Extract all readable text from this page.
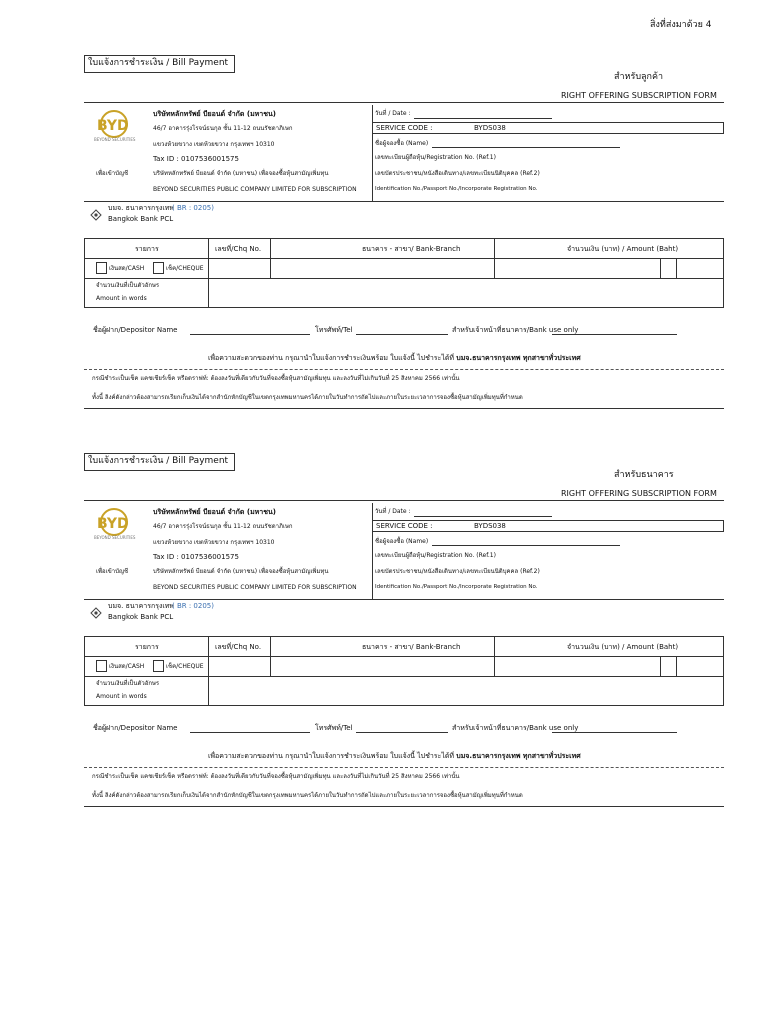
สิ่งที่ส่งมาด้วย 4
ใบแจ้งการชำระเงิน / Bill Payment
สำหรับลูกค้า
RIGHT OFFERING SUBSCRIPTION FORM
BYD
BEYOND SECURITIES
บริษัทหลักทรัพย์ บียอนด์ จำกัด (มหาชน)
46/7 อาคารรุ่งโรจน์ธนกุล ชั้น 11-12 ถนนรัชดาภิเษก
แขวงห้วยขวาง เขตห้วยขวาง กรุงเทพฯ 10310
Tax ID : 0107536001575
เพื่อเข้าบัญชี	บริษัทหลักทรัพย์ บียอนด์ จำกัด (มหาชน) เพื่อจองซื้อหุ้นสามัญเพิ่มทุน
BEYOND SECURITIES PUBLIC COMPANY LIMITED FOR SUBSCRIPTION
วันที่ / Date :
SERVICE CODE :	BYDS038
ชื่อผู้จองซื้อ (Name)
เลขทะเบียนผู้ถือหุ้น/Registration No. (Ref.1)
เลขบัตรประชาชน/หนังสือเดินทาง/เลขทะเบียนนิติบุคคล (Ref.2)
Identification No./Passport No./Incorporate Registration No.
บมจ. ธนาคารกรุงเทพ
( BR : 0205)
Bangkok Bank PCL
รายการ	เลขที่/Chq No.	ธนาคาร - สาขา/ Bank-Branch	จำนวนเงิน (บาท) / Amount (Baht)
เงินสด/CASH	เช็ค/CHEQUE
จำนวนเงินที่เป็นตัวอักษร
Amount in words
ชื่อผู้ฝาก/Depositor Name	โทรศัพท์/Tel	สำหรับเจ้าหน้าที่ธนาคาร/Bank use only
เพื่อความสะดวกของท่าน กรุณานำใบแจ้งการชำระเงินพร้อม ใบแจ้งนี้ ไปชำระได้ที่ บมจ.ธนาคารกรุงเทพ ทุกสาขาทั่วประเทศ
กรณีชำระเป็นเช็ค แคชเชียร์เช็ค หรือดราฟท์: ต้องลงวันที่เดียวกับวันที่จองซื้อหุ้นสามัญเพิ่มทุน และลงวันที่ไม่เกินวันที่ 25 สิงหาคม 2566 เท่านั้น
ทั้งนี้ ลิงค์ดังกล่าวต้องสามารถเรียกเก็บเงินได้จากสำนักหักบัญชีในเขตกรุงเทพมหานครได้ภายในวันทำการถัดไปและภายในระยะเวลาการจองซื้อหุ้นสามัญเพิ่มทุนที่กำหนด
ใบแจ้งการชำระเงิน / Bill Payment
สำหรับธนาคาร
RIGHT OFFERING SUBSCRIPTION FORM
BYD
BEYOND SECURITIES
บริษัทหลักทรัพย์ บียอนด์ จำกัด (มหาชน)
46/7 อาคารรุ่งโรจน์ธนกุล ชั้น 11-12 ถนนรัชดาภิเษก
แขวงห้วยขวาง เขตห้วยขวาง กรุงเทพฯ 10310
Tax ID : 0107536001575
เพื่อเข้าบัญชี	บริษัทหลักทรัพย์ บียอนด์ จำกัด (มหาชน) เพื่อจองซื้อหุ้นสามัญเพิ่มทุน
BEYOND SECURITIES PUBLIC COMPANY LIMITED FOR SUBSCRIPTION
วันที่ / Date :
SERVICE CODE :	BYDS038
ชื่อผู้จองซื้อ (Name)
เลขทะเบียนผู้ถือหุ้น/Registration No. (Ref.1)
เลขบัตรประชาชน/หนังสือเดินทาง/เลขทะเบียนนิติบุคคล (Ref.2)
Identification No./Passport No./Incorporate Registration No.
บมจ. ธนาคารกรุงเทพ
( BR : 0205)
Bangkok Bank PCL
รายการ	เลขที่/Chq No.	ธนาคาร - สาขา/ Bank-Branch	จำนวนเงิน (บาท) / Amount (Baht)
เงินสด/CASH	เช็ค/CHEQUE
จำนวนเงินที่เป็นตัวอักษร
Amount in words
ชื่อผู้ฝาก/Depositor Name	โทรศัพท์/Tel	สำหรับเจ้าหน้าที่ธนาคาร/Bank use only
เพื่อความสะดวกของท่าน กรุณานำใบแจ้งการชำระเงินพร้อม ใบแจ้งนี้ ไปชำระได้ที่ บมจ.ธนาคารกรุงเทพ ทุกสาขาทั่วประเทศ
กรณีชำระเป็นเช็ค แคชเชียร์เช็ค หรือดราฟท์: ต้องลงวันที่เดียวกับวันที่จองซื้อหุ้นสามัญเพิ่มทุน และลงวันที่ไม่เกินวันที่ 25 สิงหาคม 2566 เท่านั้น
ทั้งนี้ ลิงค์ดังกล่าวต้องสามารถเรียกเก็บเงินได้จากสำนักหักบัญชีในเขตกรุงเทพมหานครได้ภายในวันทำการถัดไปและภายในระยะเวลาการจองซื้อหุ้นสามัญเพิ่มทุนที่กำหนด
